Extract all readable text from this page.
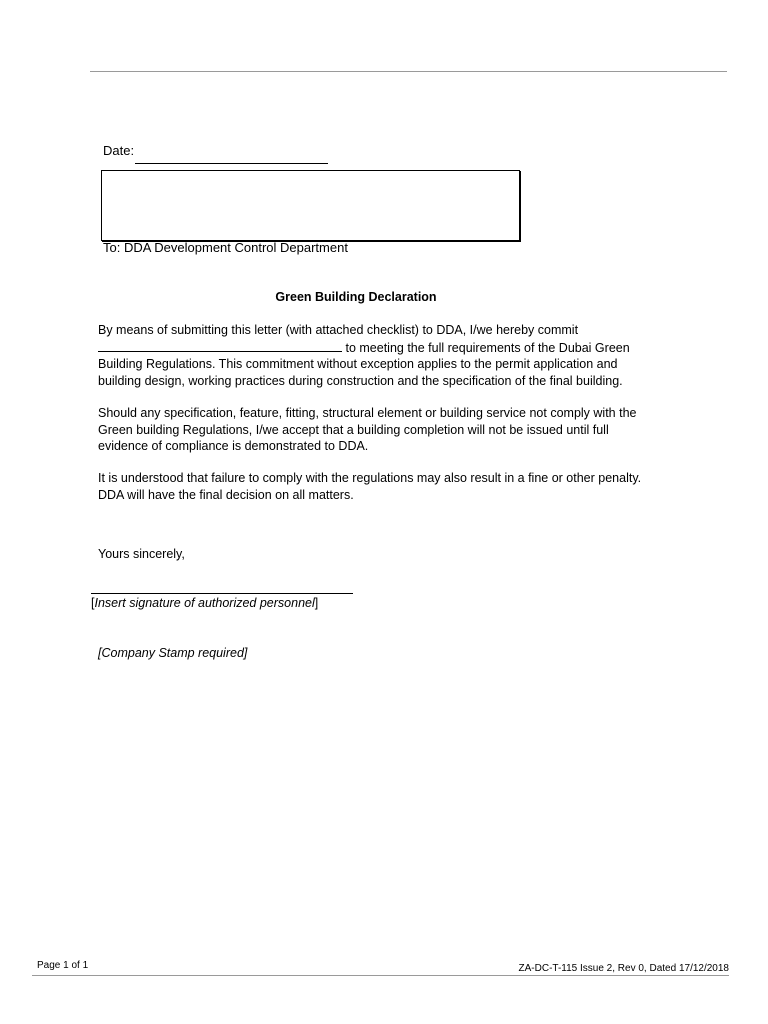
Date:
To: DDA Development Control Department
Green Building Declaration
By means of submitting this letter (with attached checklist) to DDA, I/we hereby commit
to meeting the full requirements of the Dubai Green Building Regulations. This commitment without exception applies to the permit application and building design, working practices during construction and the specification of the final building.
Should any specification, feature, fitting, structural element or building service not comply with the Green building Regulations, I/we accept that a building completion will not be issued until full evidence of compliance is demonstrated to DDA.
It is understood that failure to comply with the regulations may also result in a fine or other penalty. DDA will have the final decision on all matters.
Yours sincerely,
[Insert signature of authorized personnel]
[Company Stamp required]
Page 1 of 1	ZA-DC-T-115 Issue 2, Rev 0, Dated 17/12/2018
